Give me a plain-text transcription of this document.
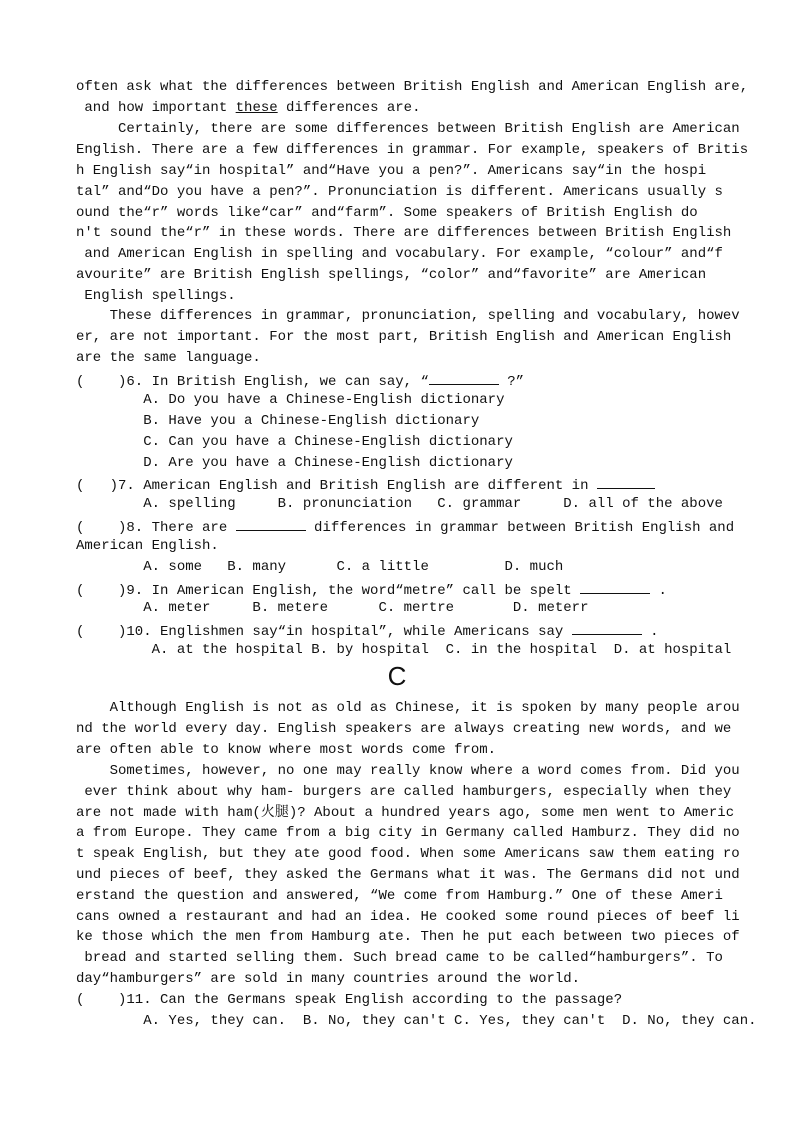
often ask what the differences between British English and American English are,
and how important these differences are.
Certainly, there are some differences between British English are American
English. There are a few differences in grammar. For example, speakers of Britis
h English say“in hospital” and“Have you a pen?”. Americans say“in the hospi
tal” and“Do you have a pen?”. Pronunciation is different. Americans usually s
ound the“r” words like“car” and“farm”. Some speakers of British English do
n't sound the“r” in these words. There are differences between British English
and American English in spelling and vocabulary. For example, “colour” and“f
avourite” are British English spellings, “color” and“favorite” are American
English spellings.
These differences in grammar, pronunciation, spelling and vocabulary, howev
er, are not important. For the most part, British English and American English
are the same language.
(    )6. In British English, we can say, “	?”
A. Do you have a Chinese-English dictionary
B. Have you a Chinese-English dictionary
C. Can you have a Chinese-English dictionary
D. Are you have a Chinese-English dictionary
(   )7. American English and British English are different in
A. spelling     B. pronunciation   C. grammar     D. all of the above
(    )8. There are	differences in grammar between British English and
American English.
A. some   B. many      C. a little         D. much
(    )9. In American English, the word“metre” call be spelt	.
A. meter     B. metere      C. mertre       D. meterr
(    )10. Englishmen say“in hospital”, while Americans say	.
A. at the hospital B. by hospital  C. in the hospital  D. at hospital
C
Although English is not as old as Chinese, it is spoken by many people arou
nd the world every day. English speakers are always creating new words, and we
are often able to know where most words come from.
Sometimes, however, no one may really know where a word comes from. Did you
ever think about why ham- burgers are called hamburgers, especially when they
are not made with ham(火腿)? About a hundred years ago, some men went to Americ
a from Europe. They came from a big city in Germany called Hamburz. They did no
t speak English, but they ate good food. When some Americans saw them eating ro
und pieces of beef, they asked the Germans what it was. The Germans did not und
erstand the question and answered, “We come from Hamburg.” One of these Ameri
cans owned a restaurant and had an idea. He cooked some round pieces of beef li
ke those which the men from Hamburg ate. Then he put each between two pieces of
bread and started selling them. Such bread came to be called“hamburgers”. To
day“hamburgers” are sold in many countries around the world.
(    )11. Can the Germans speak English according to the passage?
A. Yes, they can.  B. No, they can't C. Yes, they can't  D. No, they can.
